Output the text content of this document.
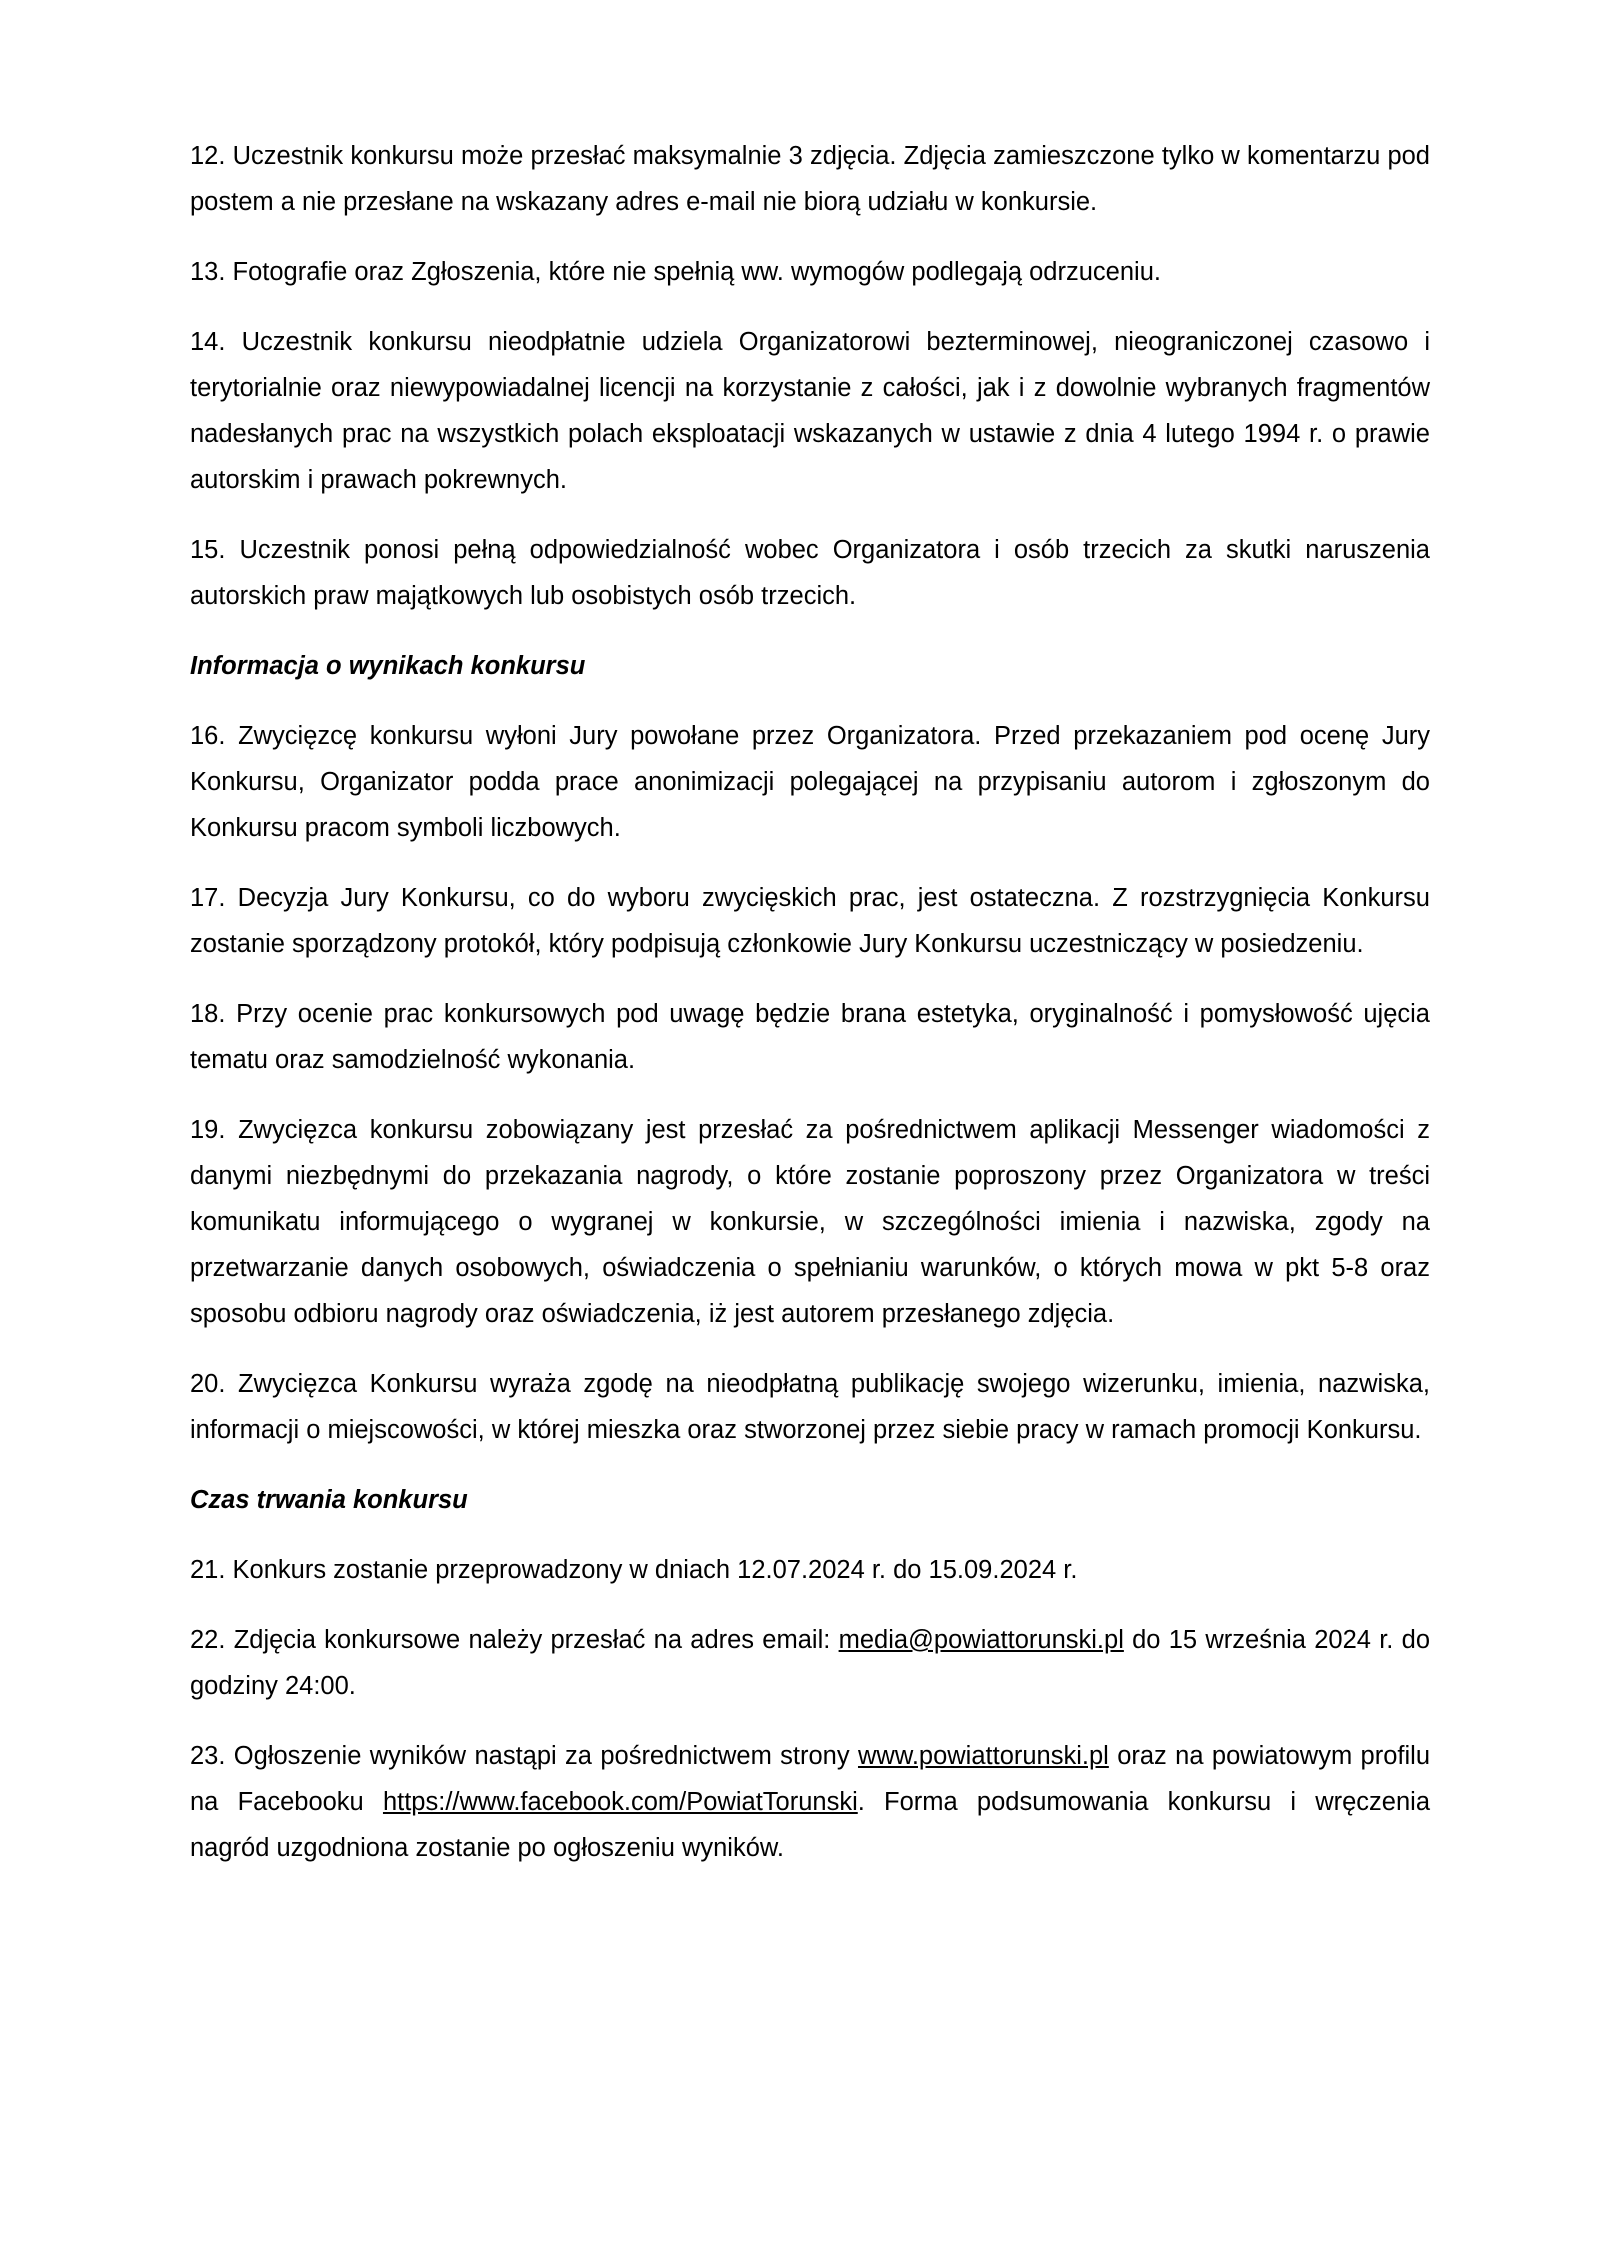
12. Uczestnik konkursu może przesłać maksymalnie 3 zdjęcia. Zdjęcia zamieszczone tylko w komentarzu pod postem a nie przesłane na wskazany adres e-mail nie biorą udziału w konkursie.

13. Fotografie oraz Zgłoszenia, które nie spełnią ww. wymogów podlegają odrzuceniu.

14. Uczestnik konkursu nieodpłatnie udziela Organizatorowi bezterminowej, nieograniczonej czasowo i terytorialnie oraz niewypowiadalnej licencji na korzystanie z całości, jak i z dowolnie wybranych fragmentów nadesłanych prac na wszystkich polach eksploatacji wskazanych w ustawie z dnia 4 lutego 1994 r. o prawie autorskim i prawach pokrewnych.

15. Uczestnik ponosi pełną odpowiedzialność wobec Organizatora i osób trzecich za skutki naruszenia autorskich praw majątkowych lub osobistych osób trzecich.

Informacja o wynikach konkursu

16. Zwycięzcę konkursu wyłoni Jury powołane przez Organizatora. Przed przekazaniem pod ocenę Jury Konkursu, Organizator podda prace anonimizacji polegającej na przypisaniu autorom i zgłoszonym do Konkursu pracom symboli liczbowych.

17. Decyzja Jury Konkursu, co do wyboru zwycięskich prac, jest ostateczna. Z rozstrzygnięcia Konkursu zostanie sporządzony protokół, który podpisują członkowie Jury Konkursu uczestniczący w posiedzeniu.

18. Przy ocenie prac konkursowych pod uwagę będzie brana estetyka, oryginalność i pomysłowość ujęcia tematu oraz samodzielność wykonania.

19. Zwycięzca konkursu zobowiązany jest przesłać za pośrednictwem aplikacji Messenger wiadomości z danymi niezbędnymi do przekazania nagrody, o które zostanie poproszony przez Organizatora w treści komunikatu informującego o wygranej w konkursie, w szczególności imienia i nazwiska, zgody na przetwarzanie danych osobowych, oświadczenia o spełnianiu warunków, o których mowa w pkt 5-8 oraz sposobu odbioru nagrody oraz oświadczenia, iż jest autorem przesłanego zdjęcia.

20. Zwycięzca Konkursu wyraża zgodę na nieodpłatną publikację swojego wizerunku, imienia, nazwiska, informacji o miejscowości, w której mieszka oraz stworzonej przez siebie pracy w ramach promocji Konkursu.

Czas trwania konkursu

21. Konkurs zostanie przeprowadzony w dniach 12.07.2024 r. do 15.09.2024 r.

22. Zdjęcia konkursowe należy przesłać na adres email: media@powiattorunski.pl do 15 września 2024 r. do godziny 24:00.

23. Ogłoszenie wyników nastąpi za pośrednictwem strony www.powiattorunski.pl oraz na powiatowym profilu na Facebooku https://www.facebook.com/PowiatTorunski. Forma podsumowania konkursu i wręczenia nagród uzgodniona zostanie po ogłoszeniu wyników.
